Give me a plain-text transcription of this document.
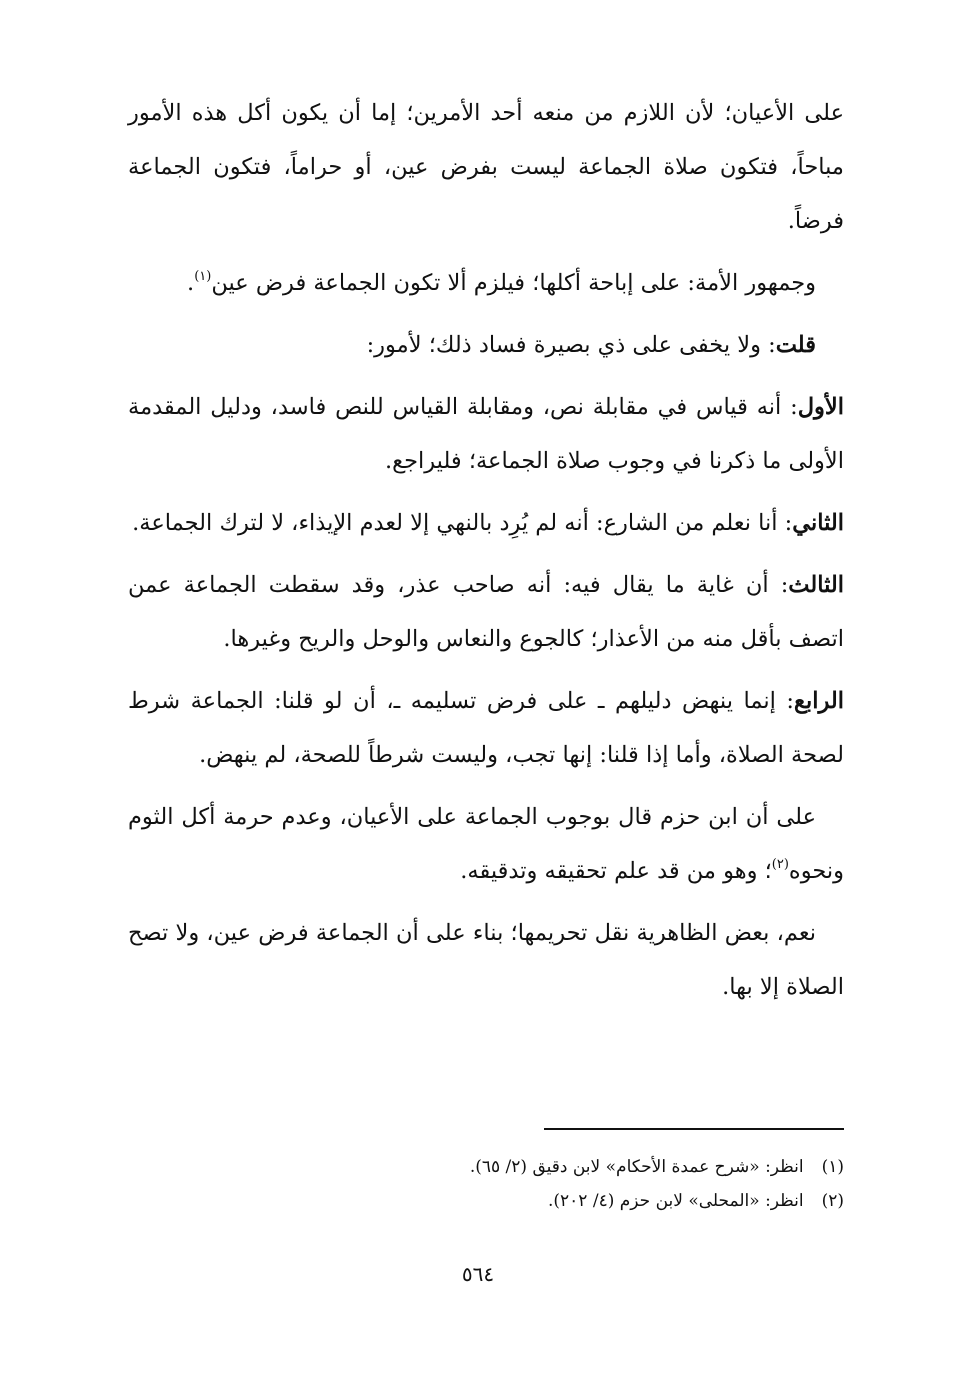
على الأعيان؛ لأن اللازم من منعه أحد الأمرين؛ إما أن يكون أكل هذه الأمور مباحاً، فتكون صلاة الجماعة ليست بفرض عين، أو حراماً، فتكون الجماعة فرضاً.

وجمهور الأمة: على إباحة أكلها؛ فيلزم ألا تكون الجماعة فرض عين$^{(١)}$.

قلت: ولا يخفى على ذي بصيرة فساد ذلك؛ لأمور:

الأول: أنه قياس في مقابلة نص، ومقابلة القياس للنص فاسد، ودليل المقدمة الأولى ما ذكرنا في وجوب صلاة الجماعة؛ فليراجع.

الثاني: أنا نعلم من الشارع: أنه لم يُرِد بالنهي إلا لعدم الإيذاء، لا لترك الجماعة.

الثالث: أن غاية ما يقال فيه: أنه صاحب عذر، وقد سقطت الجماعة عمن اتصف بأقل منه من الأعذار؛ كالجوع والنعاس والوحل والريح وغيرها.

الرابع: إنما ينهض دليلهم ـ على فرض تسليمه ـ، أن لو قلنا: الجماعة شرط لصحة الصلاة، وأما إذا قلنا: إنها تجب، وليست شرطاً للصحة، لم ينهض.

على أن ابن حزم قال بوجوب الجماعة على الأعيان، وعدم حرمة أكل الثوم ونحوه$^{(٢)}$؛ وهو من قد علم تحقيقه وتدقيقه.

نعم، بعض الظاهرية نقل تحريمها؛ بناء على أن الجماعة فرض عين، ولا تصح الصلاة إلا بها.

(١)انظر: «شرح عمدة الأحكام» لابن دقيق (٢/ ٦٥).
(٢)انظر: «المحلى» لابن حزم (٤/ ٢٠٢).
٥٦٤
